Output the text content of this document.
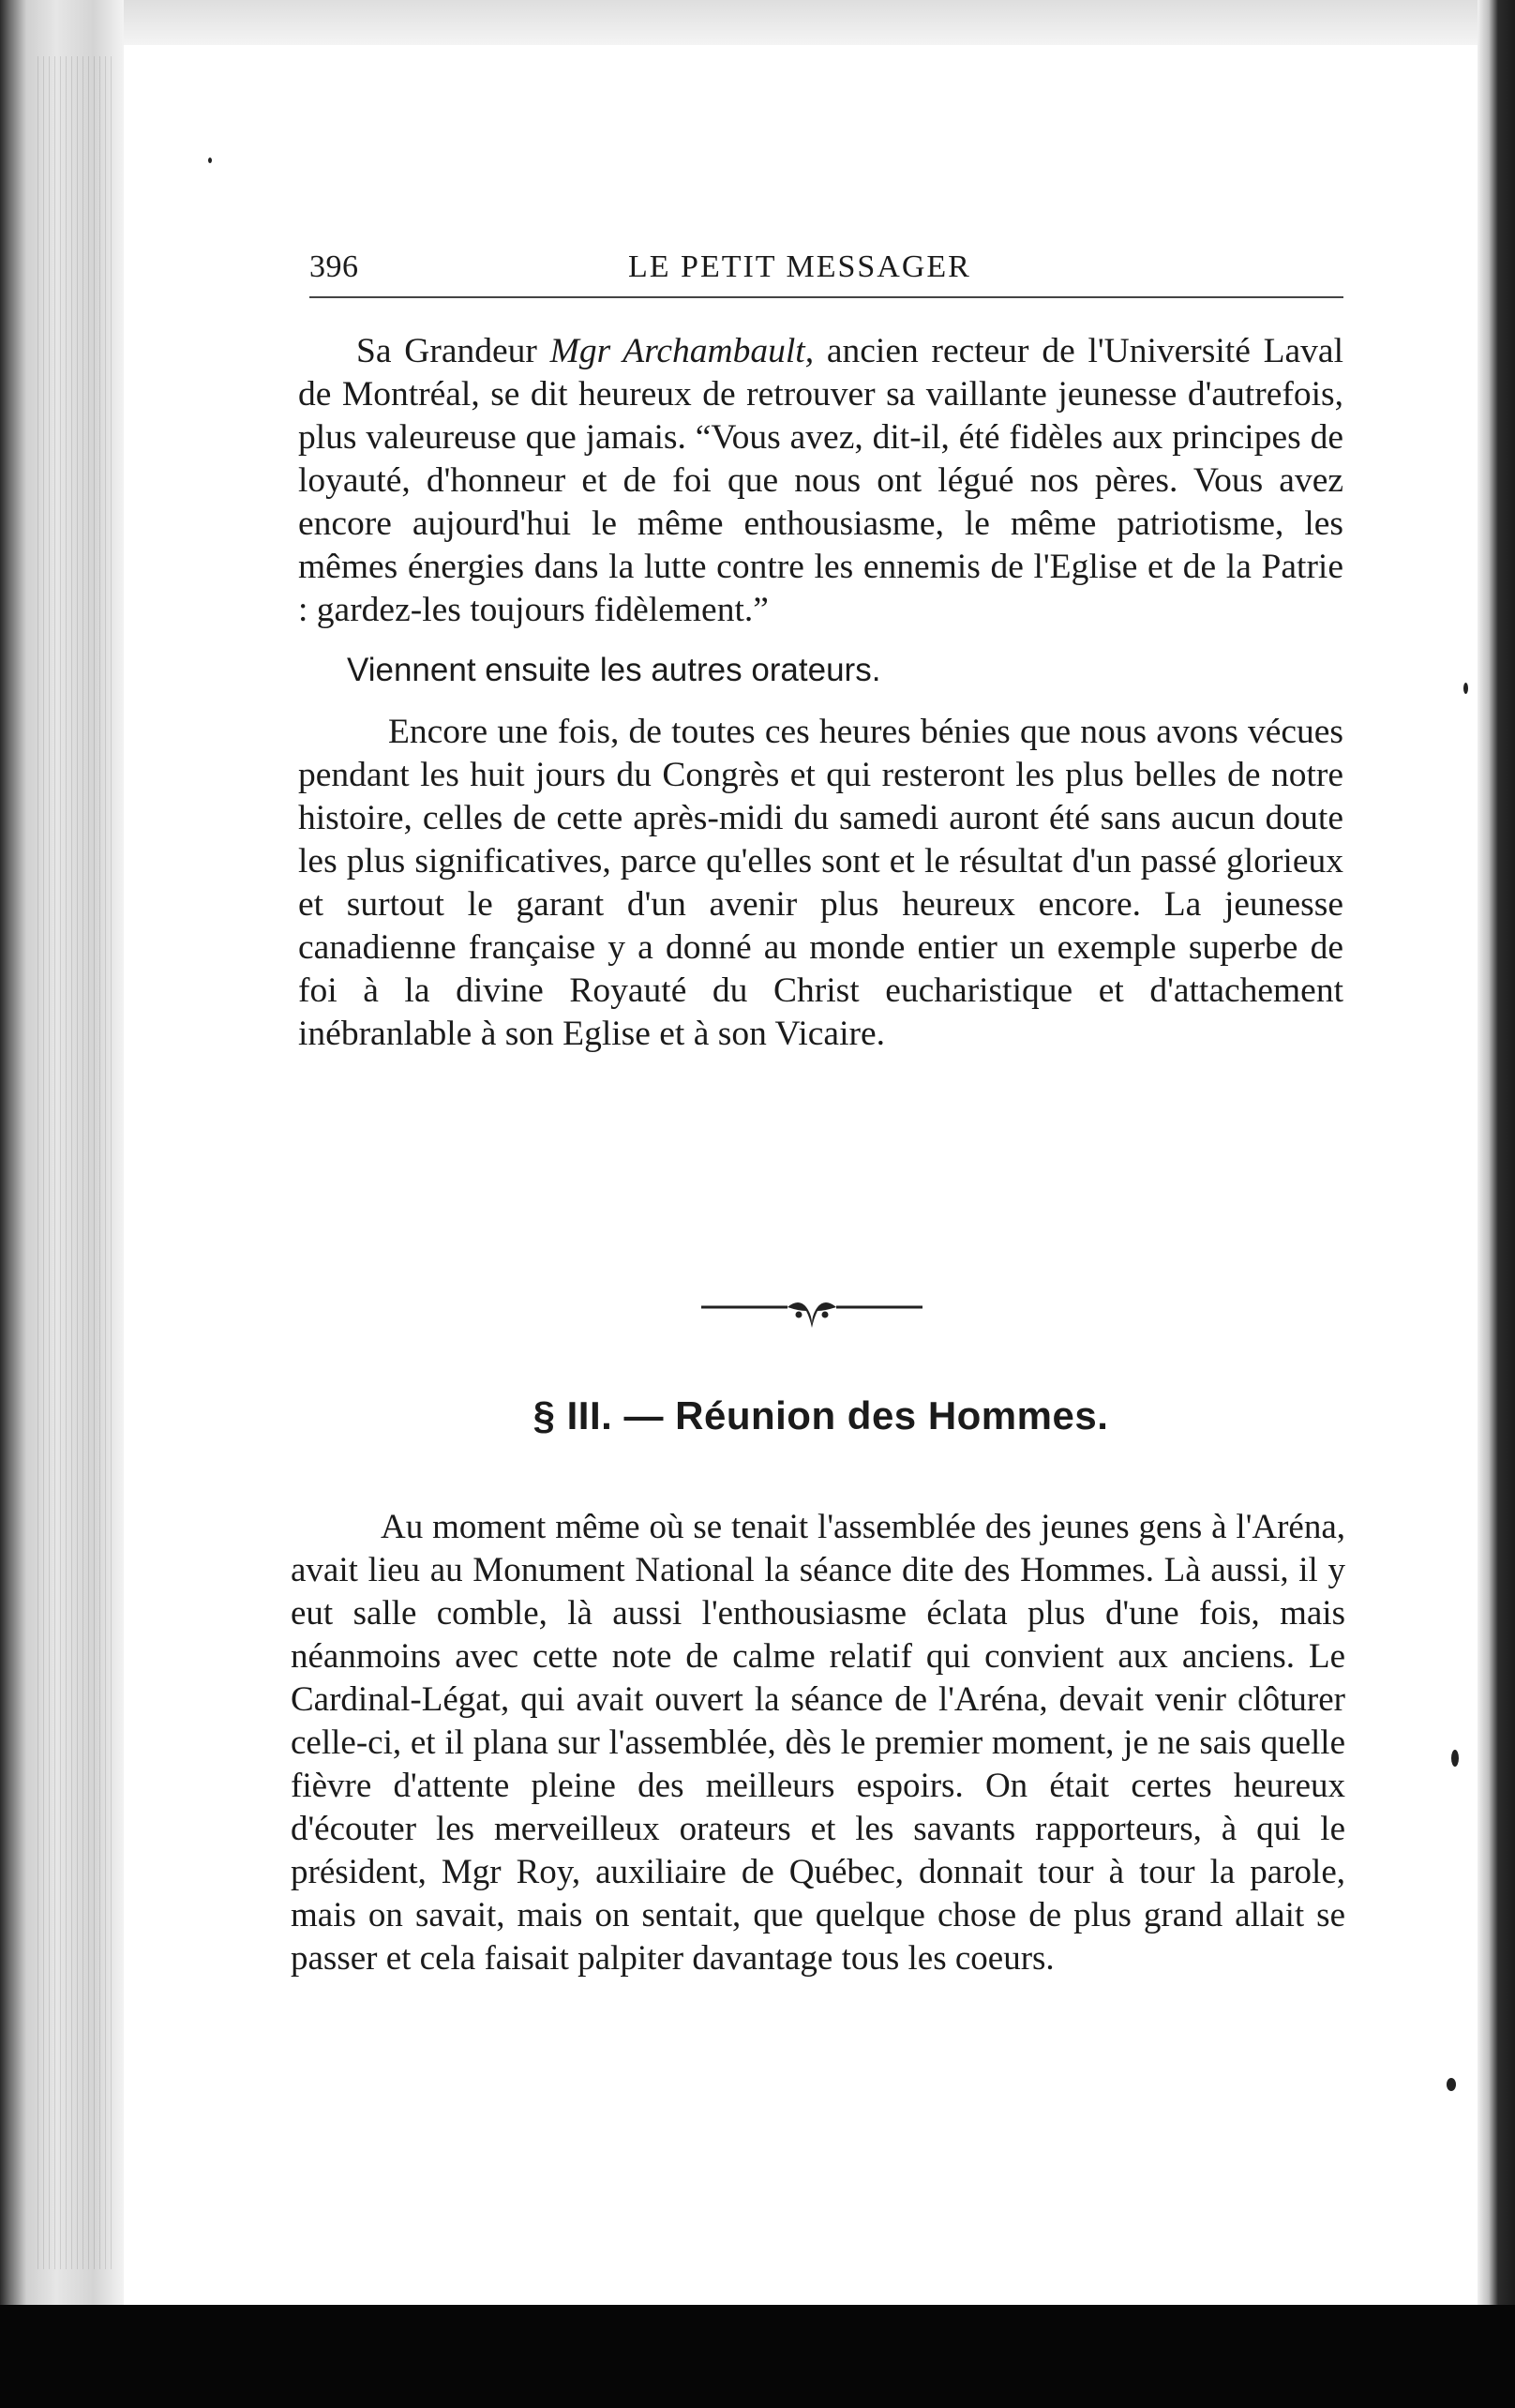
396	LE PETIT MESSAGER

Sa Grandeur Mgr Archambault, ancien recteur de l'Université Laval de Montréal, se dit heureux de retrouver sa vaillante jeunesse d'autrefois, plus valeureuse que jamais. “Vous avez, dit-il, été fidèles aux principes de loyauté, d'honneur et de foi que nous ont légué nos pères. Vous avez encore aujourd'hui le même enthousiasme, le même patriotisme, les mêmes énergies dans la lutte contre les ennemis de l'Eglise et de la Patrie : gardez-les toujours fidèlement.”

Viennent ensuite les autres orateurs.

Encore une fois, de toutes ces heures bénies que nous avons vécues pendant les huit jours du Congrès et qui resteront les plus belles de notre histoire, celles de cette après-midi du samedi auront été sans aucun doute les plus significatives, parce qu'elles sont et le résultat d'un passé glorieux et surtout le garant d'un avenir plus heureux encore. La jeunesse canadienne française y a donné au monde entier un exemple superbe de foi à la divine Royauté du Christ eucharistique et d'attachement inébranlable à son Eglise et à son Vicaire.

§ III. — Réunion des Hommes.

Au moment même où se tenait l'assemblée des jeunes gens à l'Aréna, avait lieu au Monument National la séance dite des Hommes. Là aussi, il y eut salle comble, là aussi l'enthousiasme éclata plus d'une fois, mais néanmoins avec cette note de calme relatif qui convient aux anciens. Le Cardinal-Légat, qui avait ouvert la séance de l'Aréna, devait venir clôturer celle-ci, et il plana sur l'assemblée, dès le premier moment, je ne sais quelle fièvre d'attente pleine des meilleurs espoirs. On était certes heureux d'écouter les merveilleux orateurs et les savants rapporteurs, à qui le président, Mgr Roy, auxiliaire de Québec, donnait tour à tour la parole, mais on savait, mais on sentait, que quelque chose de plus grand allait se passer et cela faisait palpiter davantage tous les coeurs.
